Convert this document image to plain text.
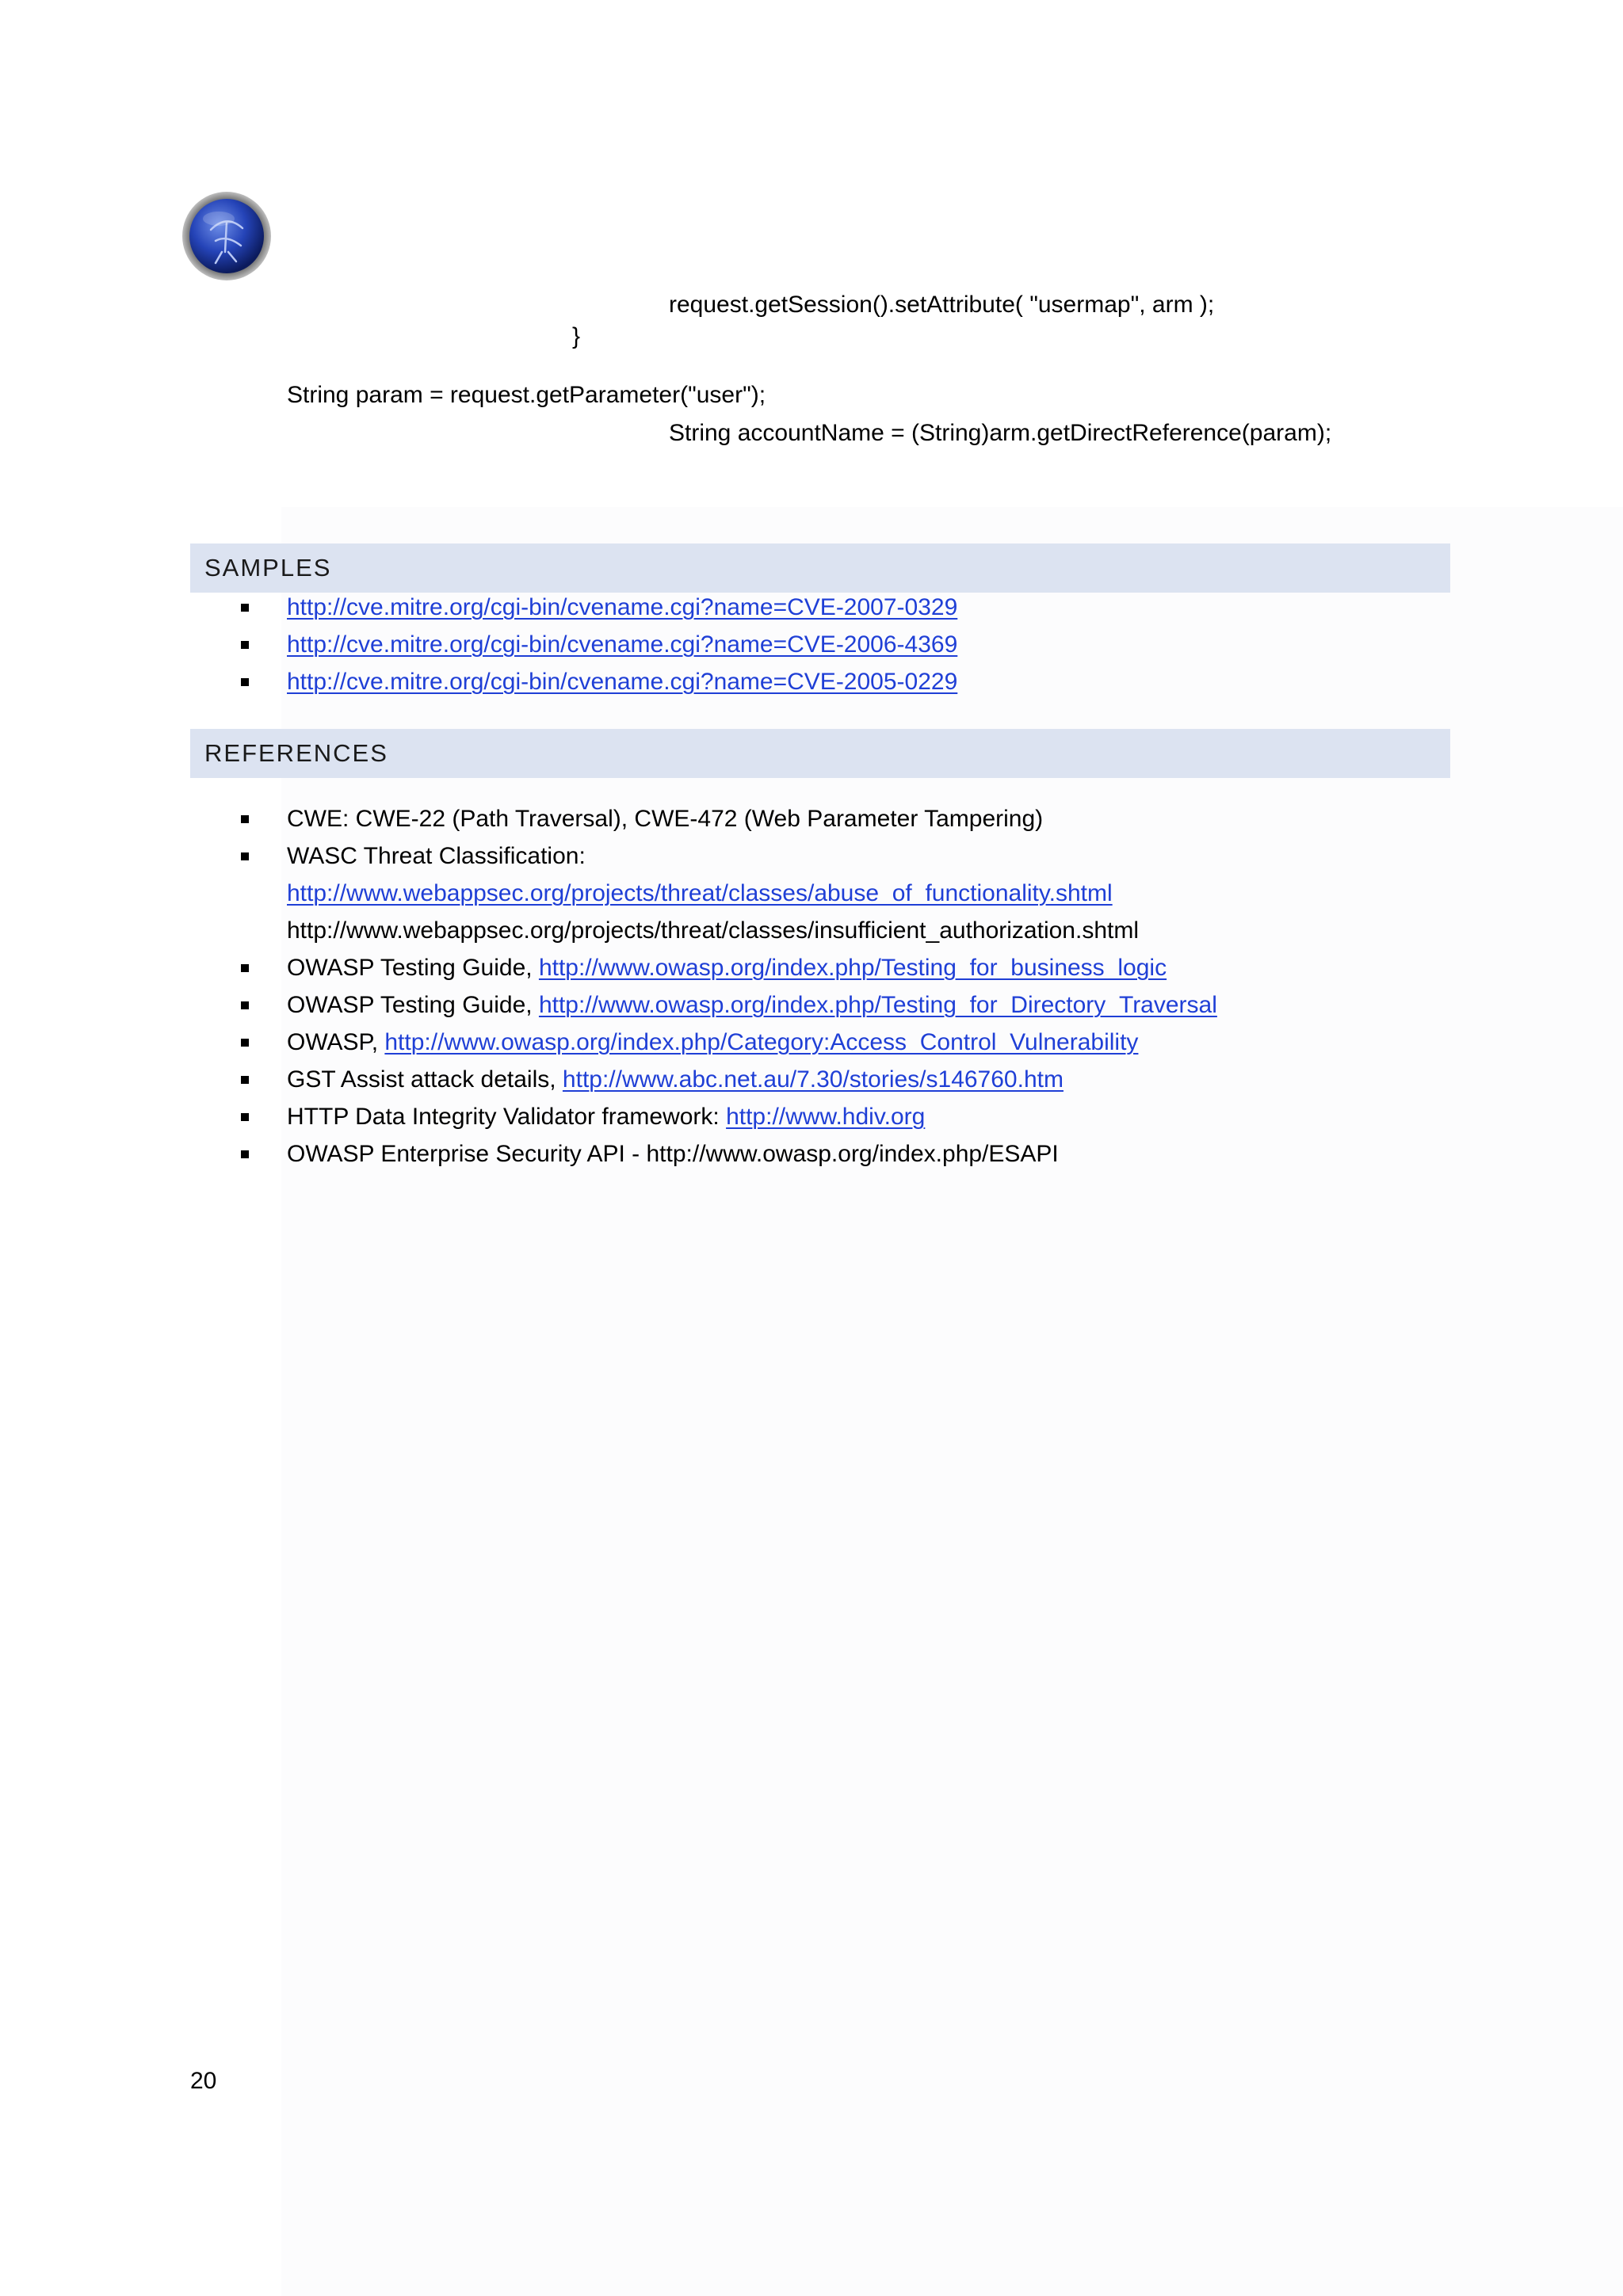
request.getSession().setAttribute( "usermap", arm );
}
String param = request.getParameter("user");
String accountName = (String)arm.getDirectReference(param);
SAMPLES
http://cve.mitre.org/cgi-bin/cvename.cgi?name=CVE-2007-0329
http://cve.mitre.org/cgi-bin/cvename.cgi?name=CVE-2006-4369
http://cve.mitre.org/cgi-bin/cvename.cgi?name=CVE-2005-0229
REFERENCES
CWE: CWE-22 (Path Traversal), CWE-472 (Web Parameter Tampering)
WASC Threat Classification:
http://www.webappsec.org/projects/threat/classes/abuse_of_functionality.shtml
http://www.webappsec.org/projects/threat/classes/insufficient_authorization.shtml
OWASP Testing Guide, http://www.owasp.org/index.php/Testing_for_business_logic
OWASP Testing Guide, http://www.owasp.org/index.php/Testing_for_Directory_Traversal
OWASP, http://www.owasp.org/index.php/Category:Access_Control_Vulnerability
GST Assist attack details, http://www.abc.net.au/7.30/stories/s146760.htm
HTTP Data Integrity Validator framework: http://www.hdiv.org
OWASP Enterprise Security API - http://www.owasp.org/index.php/ESAPI
20
